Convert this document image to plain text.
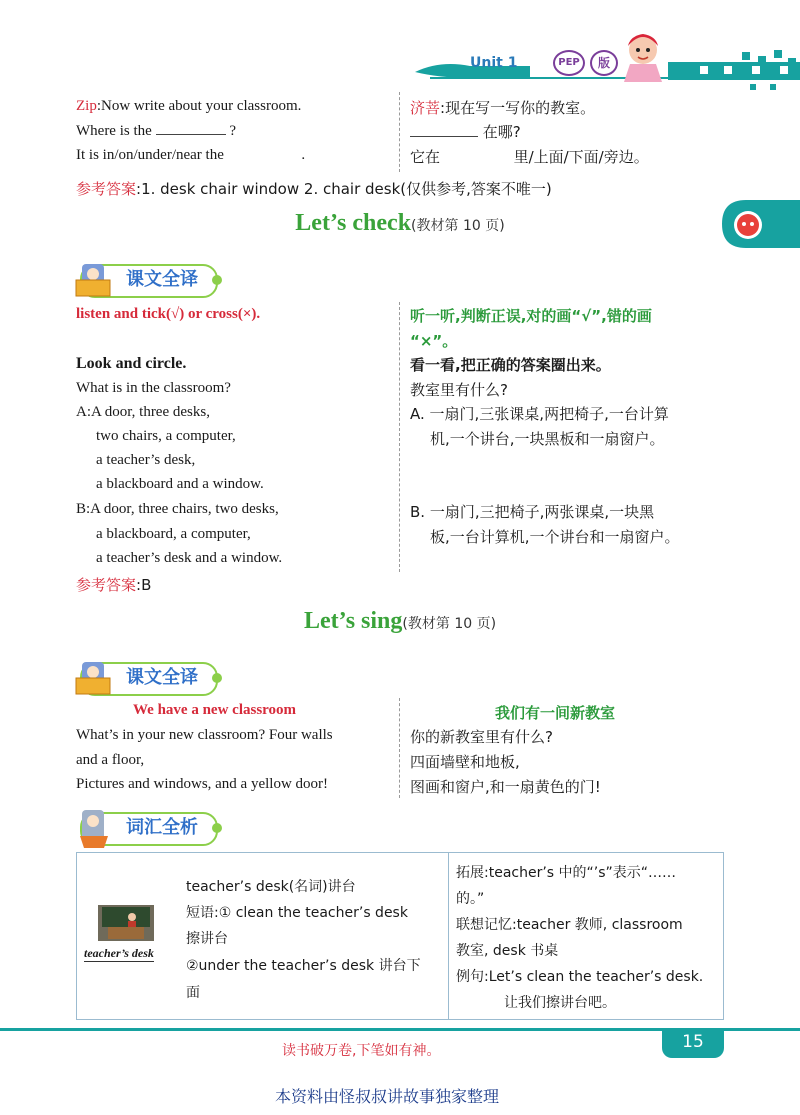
Unit 1	PEP	版
Zip:Now write about your classroom.
Where is the	?
It is in/on/under/near the	.
济菩:现在写一写你的教室。
在哪?
它在	里/上面/下面/旁边。
参考答案:1. desk chair window 2. chair desk(仅供参考,答案不唯一)
Let’s check(教材第 10 页)
课文全译
listen and tick(√) or cross(×).	听一听,判断正误,对的画“√”,错的画
“×”。
Look and circle.	看一看,把正确的答案圈出来。
What is in the classroom?	教室里有什么?
A:A door, three desks,
two chairs, a computer,
a teacher’s desk,
a blackboard and a window.
A. 一扇门,三张课桌,两把椅子,一台计算
机,一个讲台,一块黑板和一扇窗户。
B:A door, three chairs, two desks,
a blackboard, a computer,
a teacher’s desk and a window.
B. 一扇门,三把椅子,两张课桌,一块黑
板,一台计算机,一个讲台和一扇窗户。
参考答案:B
Let’s sing(教材第 10 页)
课文全译
We have a new classroom	我们有一间新教室
What’s in your new classroom? Four walls
and a floor,
Pictures and windows, and a yellow door!
你的新教室里有什么?
四面墙壁和地板,
图画和窗户,和一扇黄色的门!
词汇全析
teacher’s desk
teacher’s desk(名词)讲台
短语:① clean the teacher’s desk
擦讲台
②under the teacher’s desk 讲台下
面
拓展:teacher’s 中的“’s”表示“……
的。”
联想记忆:teacher 教师, classroom
教室, desk 书桌
例句:Let’s clean the teacher’s desk.
让我们擦讲台吧。
读书破万卷,下笔如有神。	15
本资料由怪叔叔讲故事独家整理
